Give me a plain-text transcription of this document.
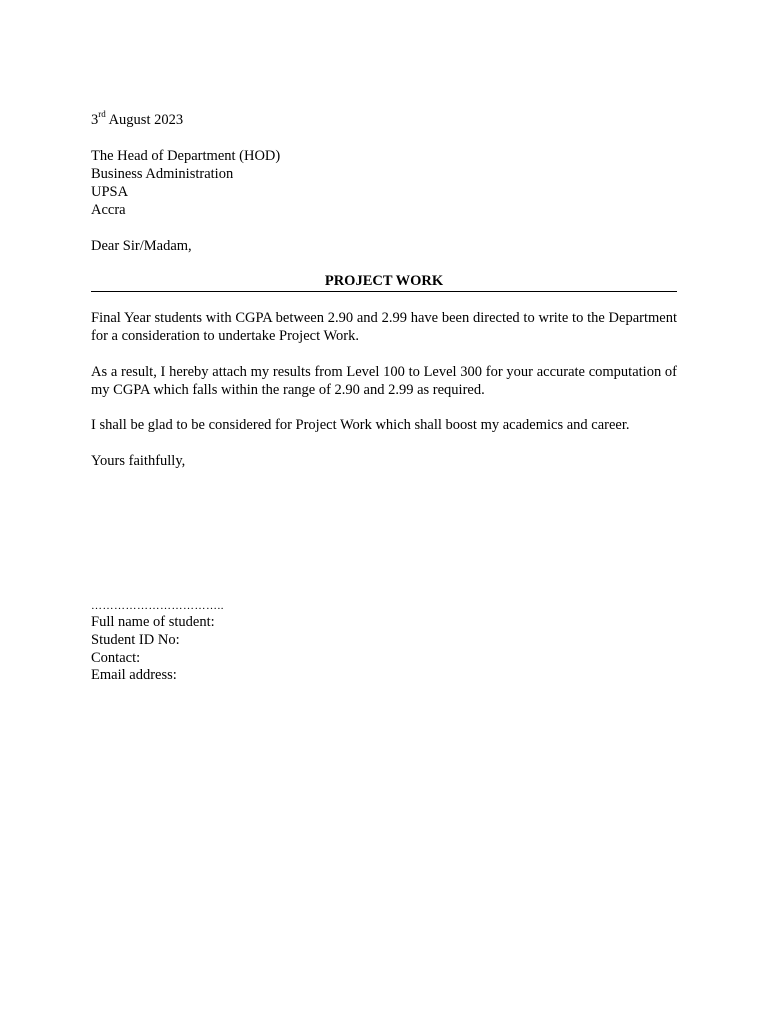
3rd August 2023
The Head of Department (HOD)
Business Administration
UPSA
Accra
Dear Sir/Madam,
PROJECT WORK
Final Year students with CGPA between 2.90 and 2.99 have been directed to write to the Department for a consideration to undertake Project Work.
As a result, I hereby attach my results from Level 100 to Level 300 for your accurate computation of my CGPA which falls within the range of 2.90 and 2.99 as required.
I shall be glad to be considered for Project Work which shall boost my academics and career.
Yours faithfully,
……………………………..
Full name of student:
Student ID No:
Contact:
Email address:
